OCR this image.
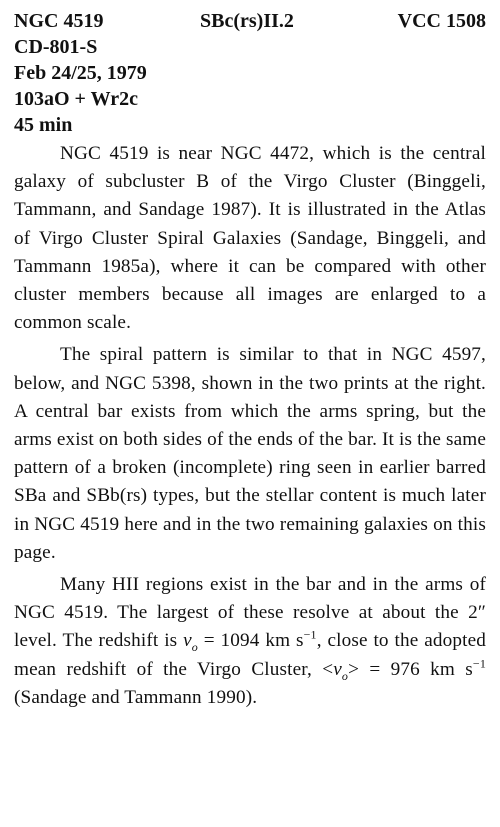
NGC 4519	SBc(rs)II.2	VCC 1508
CD-801-S
Feb 24/25, 1979
103aO + Wr2c
45 min

NGC 4519 is near NGC 4472, which is the central galaxy of subcluster B of the Virgo Cluster (Binggeli, Tammann, and Sandage 1987). It is illustrated in the Atlas of Virgo Cluster Spiral Galaxies (Sandage, Binggeli, and Tammann 1985a), where it can be compared with other cluster members because all images are enlarged to a common scale.

The spiral pattern is similar to that in NGC 4597, below, and NGC 5398, shown in the two prints at the right. A central bar exists from which the arms spring, but the arms exist on both sides of the ends of the bar. It is the same pattern of a broken (incomplete) ring seen in earlier barred SBa and SBb(rs) types, but the stellar content is much later in NGC 4519 here and in the two remaining galaxies on this page.

Many HII regions exist in the bar and in the arms of NGC 4519. The largest of these resolve at about the 2″ level. The redshift is $v_o = 1094$ km $s^{-1}$, close to the adopted mean redshift of the Virgo Cluster, $<v_o> = 976$ km $s^{-1}$ (Sandage and Tammann 1990).
